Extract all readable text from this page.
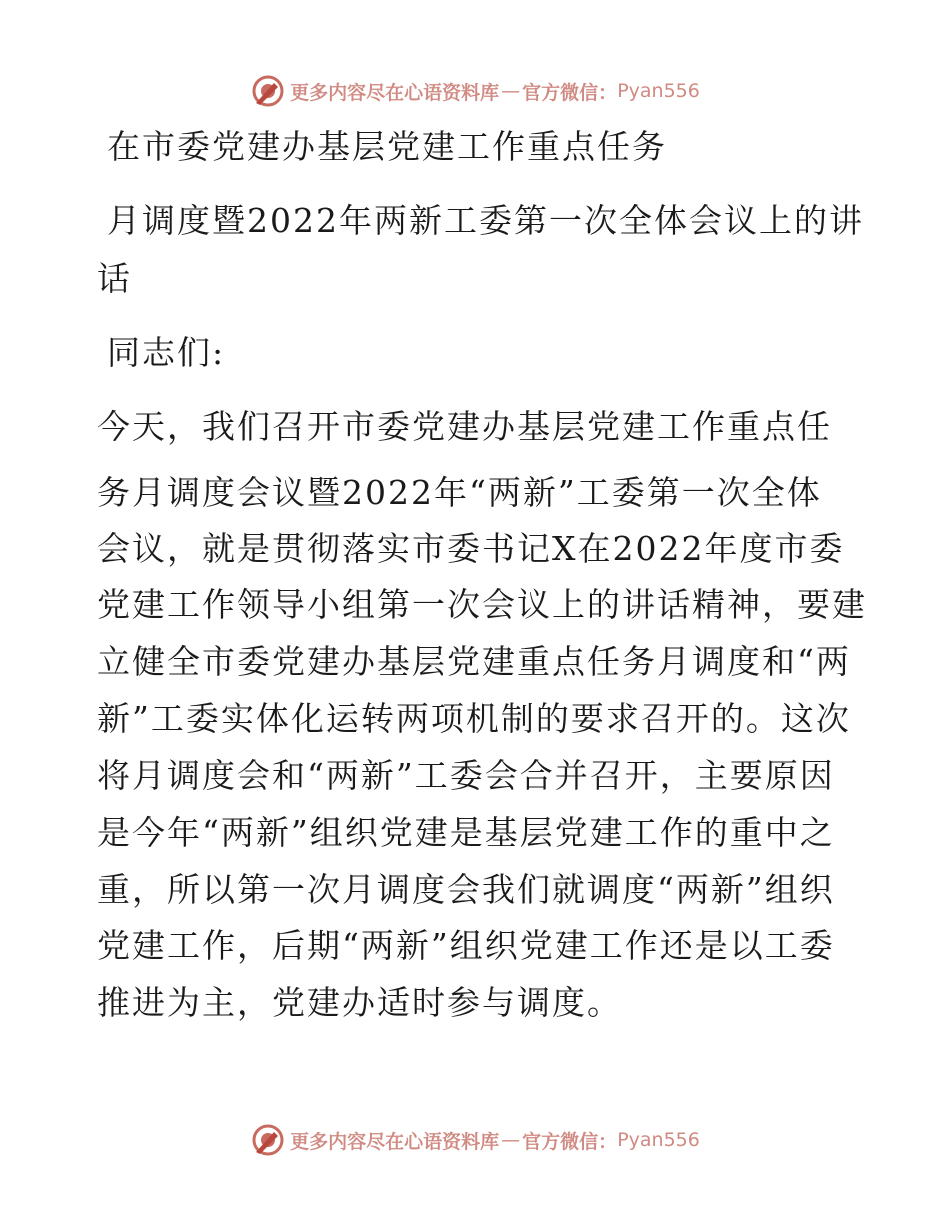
更多内容尽在心语资料库 — 官方微信： Pyan556
在市委党建办基层党建工作重点任务
月调度暨2022年两新工委第一次全体会议上的讲
话
同志们:
今天，我们召开市委党建办基层党建工作重点任
务月调度会议暨2022年“两新”工委第一次全体
会议，就是贯彻落实市委书记X在2022年度市委
党建工作领导小组第一次会议上的讲话精神，要建
立健全市委党建办基层党建重点任务月调度和“两
新”工委实体化运转两项机制的要求召开的。这次
将月调度会和“两新”工委会合并召开，主要原因
是今年“两新”组织党建是基层党建工作的重中之
重，所以第一次月调度会我们就调度“两新”组织
党建工作，后期“两新”组织党建工作还是以工委
推进为主，党建办适时参与调度。
更多内容尽在心语资料库 — 官方微信： Pyan556
